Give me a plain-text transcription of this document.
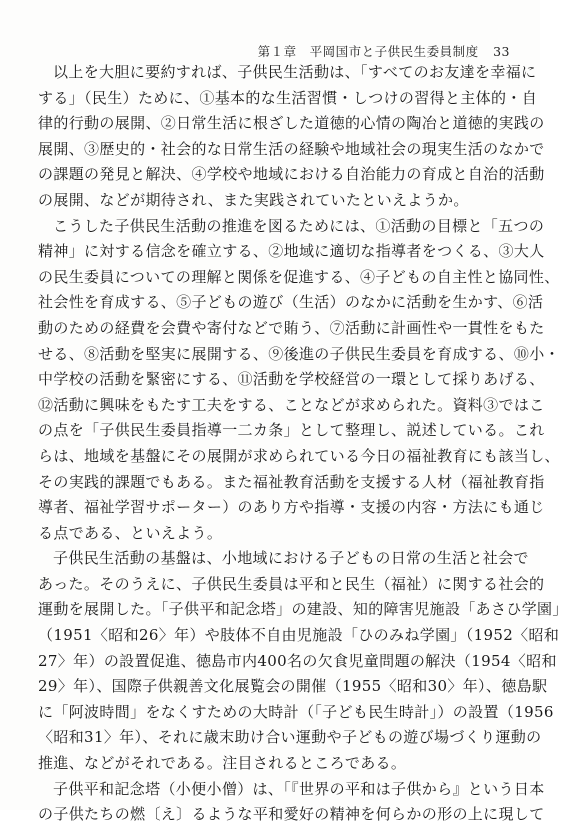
第１章　平岡国市と子供民生委員制度 33
以上を大胆に要約すれば、子供民生活動は、「すべてのお友達を幸福に
する」（民生）ために、①基本的な生活習慣・しつけの習得と主体的・自
律的行動の展開、②日常生活に根ざした道徳的心情の陶冶と道徳的実践の
展開、③歴史的・社会的な日常生活の経験や地域社会の現実生活のなかで
の課題の発見と解決、④学校や地域における自治能力の育成と自治的活動
の展開、などが期待され、また実践されていたといえようか。
こうした子供民生活動の推進を図るためには、①活動の目標と「五つの
精神」に対する信念を確立する、②地域に適切な指導者をつくる、③大人
の民生委員についての理解と関係を促進する、④子どもの自主性と協同性、
社会性を育成する、⑤子どもの遊び（生活）のなかに活動を生かす、⑥活
動のための経費を会費や寄付などで賄う、⑦活動に計画性や一貫性をもた
せる、⑧活動を堅実に展開する、⑨後進の子供民生委員を育成する、⑩小・
中学校の活動を緊密にする、⑪活動を学校経営の一環として採りあげる、
⑫活動に興味をもたす工夫をする、ことなどが求められた。資料③ではこ
の点を「子供民生委員指導一二カ条」として整理し、説述している。これ
らは、地域を基盤にその展開が求められている今日の福祉教育にも該当し、
その実践的課題でもある。また福祉教育活動を支援する人材（福祉教育指
導者、福祉学習サポーター）のあり方や指導・支援の内容・方法にも通じ
る点である、といえよう。
子供民生活動の基盤は、小地域における子どもの日常の生活と社会で
あった。そのうえに、子供民生委員は平和と民生（福祉）に関する社会的
運動を展開した。「子供平和記念塔」の建設、知的障害児施設「あさひ学園」
（1951〈昭和26〉年）や肢体不自由児施設「ひのみね学園」（1952〈昭和
27〉年）の設置促進、徳島市内400名の欠食児童問題の解決（1954〈昭和
29〉年）、国際子供親善文化展覧会の開催（1955〈昭和30〉年）、徳島駅
に「阿波時間」をなくすための大時計（「子ども民生時計」）の設置（1956
〈昭和31〉年）、それに歳末助け合い運動や子どもの遊び場づくり運動の
推進、などがそれである。注目されるところである。
子供平和記念塔（小便小僧）は、「『世界の平和は子供から』という日本
の子供たちの燃〔え〕るような平和愛好の精神を何らかの形の上に現して
